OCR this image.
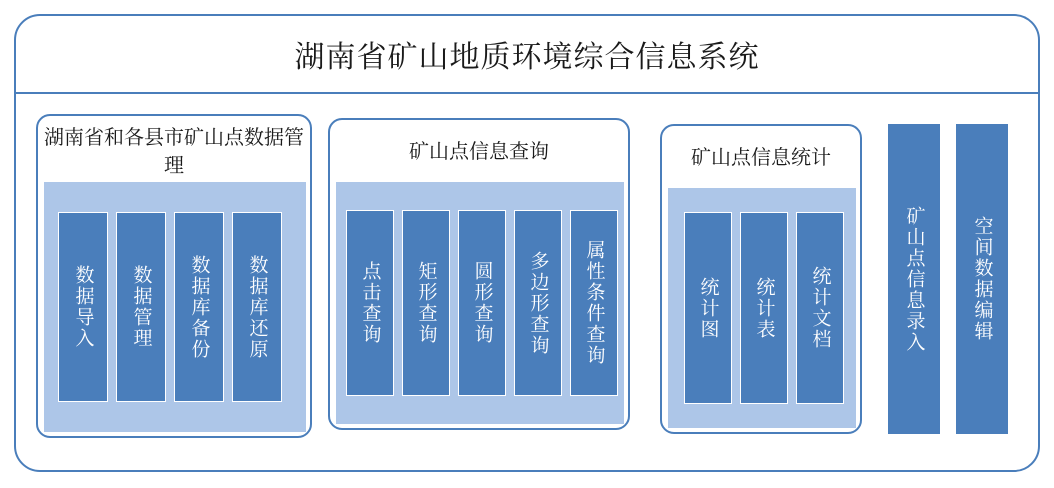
湖南省矿山地质环境综合信息系统
湖南省和各县市矿山点数据管理
数据导入	数据管理	数据库备份	数据库还原
矿山点信息查询
点击查询	矩形查询	圆形查询	多边形查询	属性条件查询
矿山点信息统计
统计图	统计表	统计文档	矿山点信息录入	空间数据编辑
